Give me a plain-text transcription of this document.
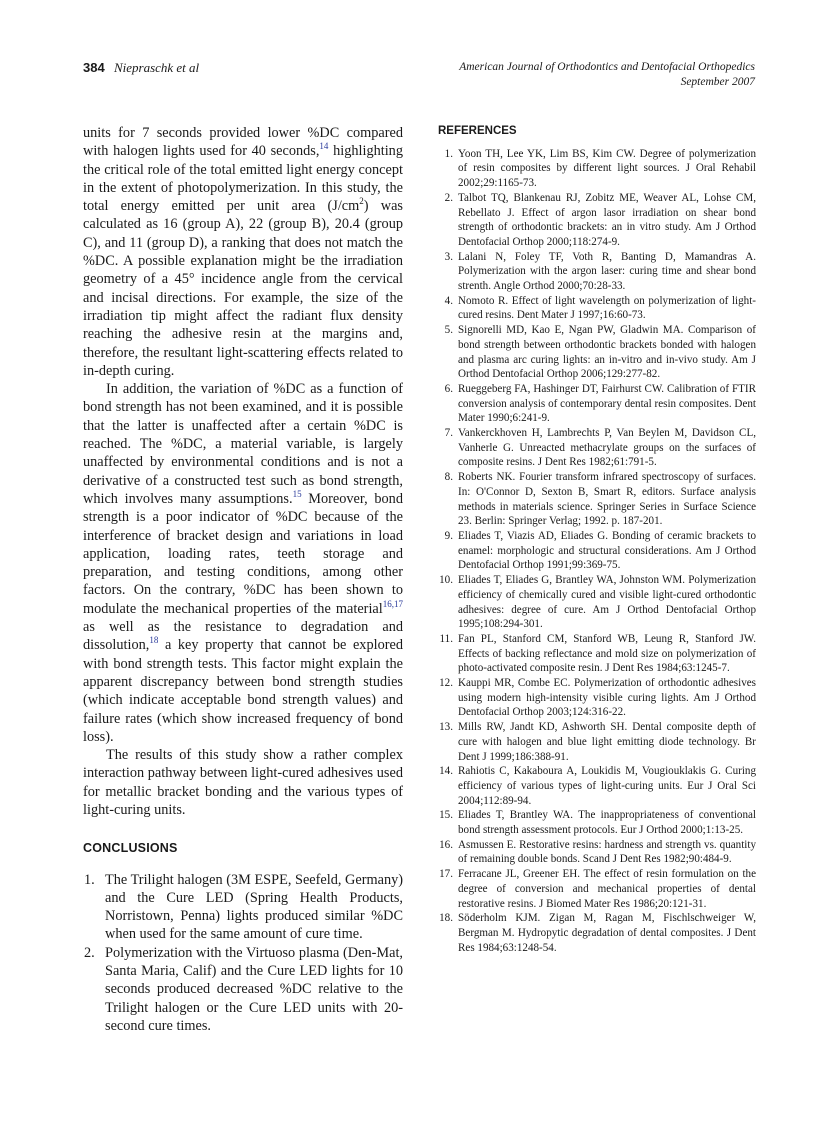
384 Niepraschk et al	American Journal of Orthodontics and Dentofacial Orthopedics
September 2007

units for 7 seconds provided lower %DC compared with halogen lights used for 40 seconds,$^{14}$ highlighting the critical role of the total emitted light energy concept in the extent of photopolymerization. In this study, the total energy emitted per unit area $(J/cm^2)$ was calculated as 16 (group A), 22 (group B), 20.4 (group C), and 11 (group D), a ranking that does not match the %DC. A possible explanation might be the irradiation geometry of a 45° incidence angle from the cervical and incisal directions. For example, the size of the irradiation tip might affect the radiant flux density reaching the adhesive resin at the margins and, therefore, the resultant light-scattering effects related to in-depth curing.

In addition, the variation of %DC as a function of bond strength has not been examined, and it is possible that the latter is unaffected after a certain %DC is reached. The %DC, a material variable, is largely unaffected by environmental conditions and is not a derivative of a constructed test such as bond strength, which involves many assumptions.$^{15}$ Moreover, bond strength is a poor indicator of %DC because of the interference of bracket design and variations in load application, loading rates, teeth storage and preparation, and testing conditions, among other factors. On the contrary, %DC has been shown to modulate the mechanical properties of the material$^{16,17}$ as well as the resistance to degradation and dissolution,$^{18}$ a key property that cannot be explored with bond strength tests. This factor might explain the apparent discrepancy between bond strength studies (which indicate acceptable bond strength values) and failure rates (which show increased frequency of bond loss).

The results of this study show a rather complex interaction pathway between light-cured adhesives used for metallic bracket bonding and the various types of light-curing units.

CONCLUSIONS
1. The Trilight halogen (3M ESPE, Seefeld, Germany) and the Cure LED (Spring Health Products, Norristown, Penna) lights produced similar %DC when used for the same amount of cure time.
2. Polymerization with the Virtuoso plasma (Den-Mat, Santa Maria, Calif) and the Cure LED lights for 10 seconds produced decreased %DC relative to the Trilight halogen or the Cure LED units with 20-second cure times.
REFERENCES
1. Yoon TH, Lee YK, Lim BS, Kim CW. Degree of polymerization of resin composites by different light sources. J Oral Rehabil 2002;29:1165-73.
2. Talbot TQ, Blankenau RJ, Zobitz ME, Weaver AL, Lohse CM, Rebellato J. Effect of argon lasor irradiation on shear bond strength of orthodontic brackets: an in vitro study. Am J Orthod Dentofacial Orthop 2000;118:274-9.
3. Lalani N, Foley TF, Voth R, Banting D, Mamandras A. Polymerization with the argon laser: curing time and shear bond strenth. Angle Orthod 2000;70:28-33.
4. Nomoto R. Effect of light wavelength on polymerization of light-cured resins. Dent Mater J 1997;16:60-73.
5. Signorelli MD, Kao E, Ngan PW, Gladwin MA. Comparison of bond strength between orthodontic brackets bonded with halogen and plasma arc curing lights: an in-vitro and in-vivo study. Am J Orthod Dentofacial Orthop 2006;129:277-82.
6. Rueggeberg FA, Hashinger DT, Fairhurst CW. Calibration of FTIR conversion analysis of contemporary dental resin composites. Dent Mater 1990;6:241-9.
7. Vankerckhoven H, Lambrechts P, Van Beylen M, Davidson CL, Vanherle G. Unreacted methacrylate groups on the surfaces of composite resins. J Dent Res 1982;61:791-5.
8. Roberts NK. Fourier transform infrared spectroscopy of surfaces. In: O'Connor D, Sexton B, Smart R, editors. Surface analysis methods in materials science. Springer Series in Surface Science 23. Berlin: Springer Verlag; 1992. p. 187-201.
9. Eliades T, Viazis AD, Eliades G. Bonding of ceramic brackets to enamel: morphologic and structural considerations. Am J Orthod Dentofacial Orthop 1991;99:369-75.
10. Eliades T, Eliades G, Brantley WA, Johnston WM. Polymerization efficiency of chemically cured and visible light-cured orthodontic adhesives: degree of cure. Am J Orthod Dentofacial Orthop 1995;108:294-301.
11. Fan PL, Stanford CM, Stanford WB, Leung R, Stanford JW. Effects of backing reflectance and mold size on polymerization of photo-activated composite resin. J Dent Res 1984;63:1245-7.
12. Kauppi MR, Combe EC. Polymerization of orthodontic adhesives using modern high-intensity visible curing lights. Am J Orthod Dentofacial Orthop 2003;124:316-22.
13. Mills RW, Jandt KD, Ashworth SH. Dental composite depth of cure with halogen and blue light emitting diode technology. Br Dent J 1999;186:388-91.
14. Rahiotis C, Kakaboura A, Loukidis M, Vougiouklakis G. Curing efficiency of various types of light-curing units. Eur J Oral Sci 2004;112:89-94.
15. Eliades T, Brantley WA. The inappropriateness of conventional bond strength assessment protocols. Eur J Orthod 2000;1:13-25.
16. Asmussen E. Restorative resins: hardness and strength vs. quantity of remaining double bonds. Scand J Dent Res 1982;90:484-9.
17. Ferracane JL, Greener EH. The effect of resin formulation on the degree of conversion and mechanical properties of dental restorative resins. J Biomed Mater Res 1986;20:121-31.
18. Söderholm KJM. Zigan M, Ragan M, Fischlschweiger W, Bergman M. Hydropytic degradation of dental composites. J Dent Res 1984;63:1248-54.
